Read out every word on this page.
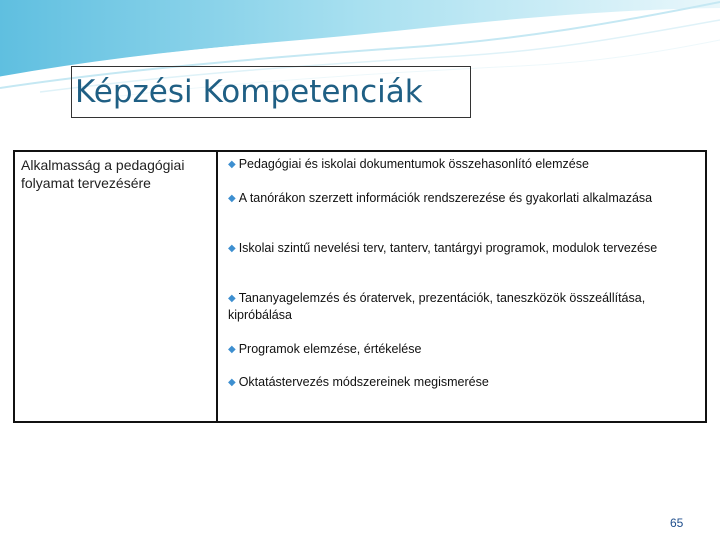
Képzési Kompetenciák
Alkalmasság a pedagógiai folyamat tervezésére
◆ Pedagógiai és iskolai dokumentumok összehasonlító elemzése
◆ A tanórákon szerzett információk rendszerezése és gyakorlati alkalmazása
◆ Iskolai szintű nevelési terv, tanterv, tantárgyi programok, modulok tervezése
◆ Tananyagelemzés és óratervek, prezentációk, taneszközök összeállítása, kipróbálása
◆ Programok elemzése, értékelése
◆ Oktatástervezés módszereinek megismerése
65
